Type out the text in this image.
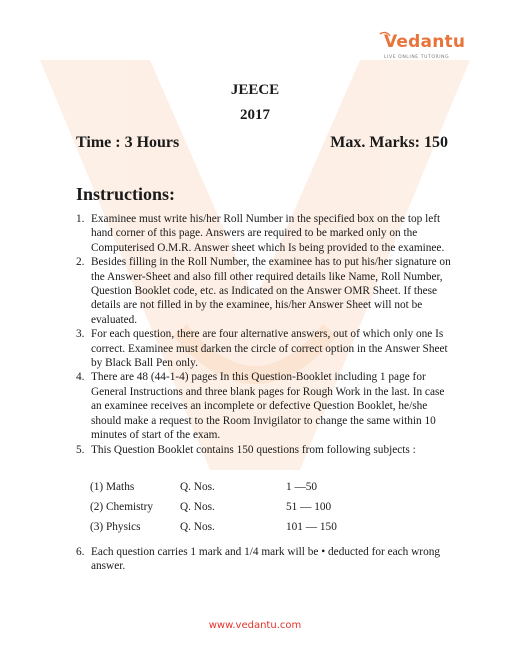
Vedantu
LIVE ONLINE TUTORING
JEECE
2017
Time : 3 Hours	Max. Marks: 150
Instructions:
1. Examinee must write his/her Roll Number in the specified box on the top left hand corner of this page. Answers are required to be marked only on the Computerised O.M.R. Answer sheet which Is being provided to the examinee.
2. Besides filling in the Roll Number, the examinee has to put his/her signature on the Answer-Sheet and also fill other required details like Name, Roll Number, Question Booklet code, etc. as Indicated on the Answer OMR Sheet. If these details are not filled in by the examinee, his/her Answer Sheet will not be evaluated.
3. For each question, there are four alternative answers, out of which only one Is correct. Examinee must darken the circle of correct option in the Answer Sheet by Black Ball Pen only.
4. There are 48 (44-1-4) pages In this Question-Booklet including 1 page for General Instructions and three blank pages for Rough Work in the last. In case an examinee receives an incomplete or defective Question Booklet, he/she should make a request to the Room Invigilator to change the same within 10 minutes of start of the exam.
5. This Question Booklet contains 150 questions from following subjects :
(1) Maths	Q. Nos.	1 —50
(2) Chemistry Q. Nos.	51 — 100
(3) Physics	Q. Nos.	101 — 150
6. Each question carries 1 mark and 1/4 mark will be • deducted for each wrong answer.
www.vedantu.com
